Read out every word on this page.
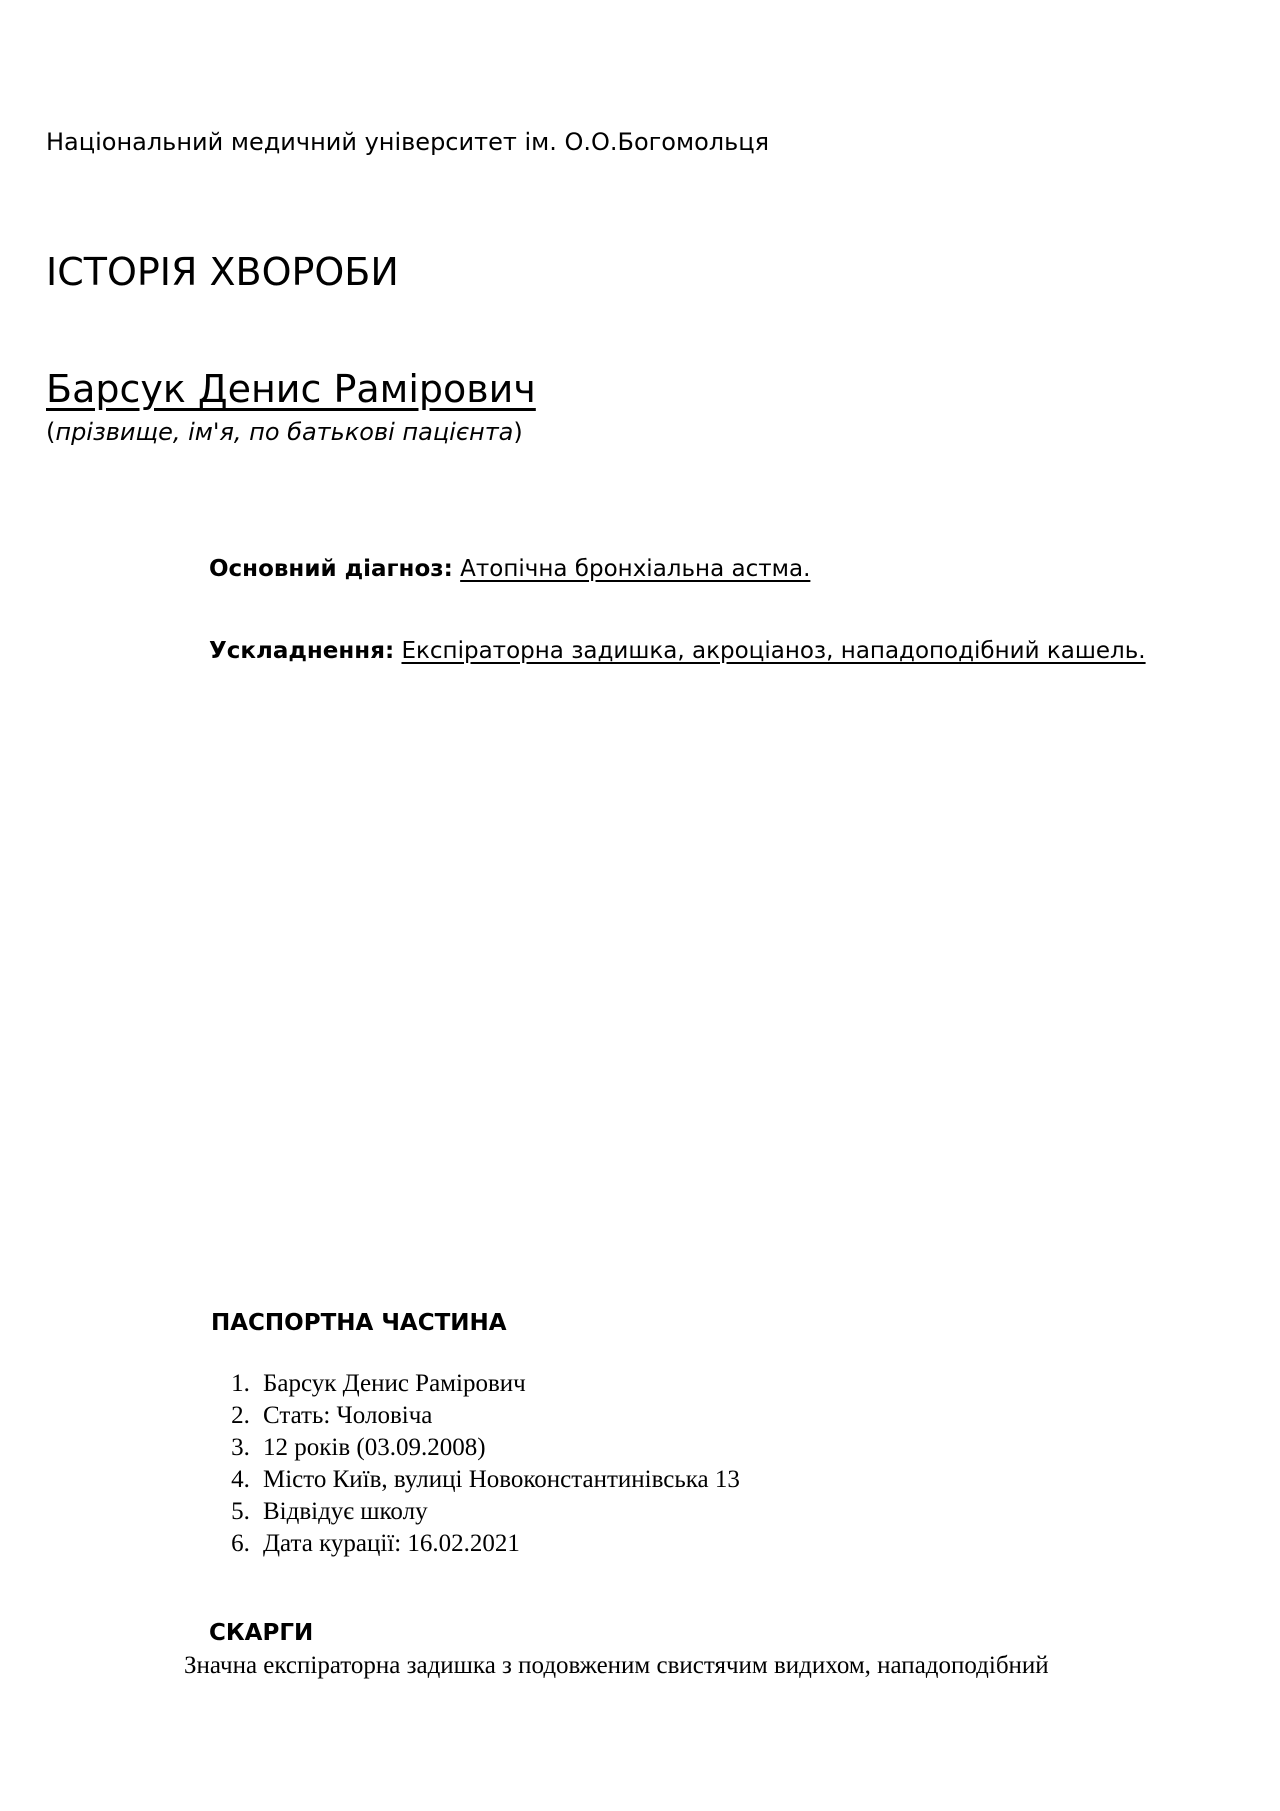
Національний медичний університет ім. О.О.Богомольця
ІСТОРІЯ ХВОРОБИ
Барсук Денис Рамірович
(прізвище, ім'я, по батькові пацієнта)
Основний діагноз: Атопічна бронхіальна астма.
Ускладнення: Експіраторна задишка, акроціаноз, нападоподібний кашель.
ПАСПОРТНА ЧАСТИНА
1. Барсук Денис Рамірович
2. Стать: Чоловіча
3. 12 років (03.09.2008)
4. Місто Київ, вулиці Новоконстантинівська 13
5. Відвідує школу
6. Дата курації: 16.02.2021
СКАРГИ
Значна експіраторна задишка з подовженим свистячим видихом, нападоподібний
